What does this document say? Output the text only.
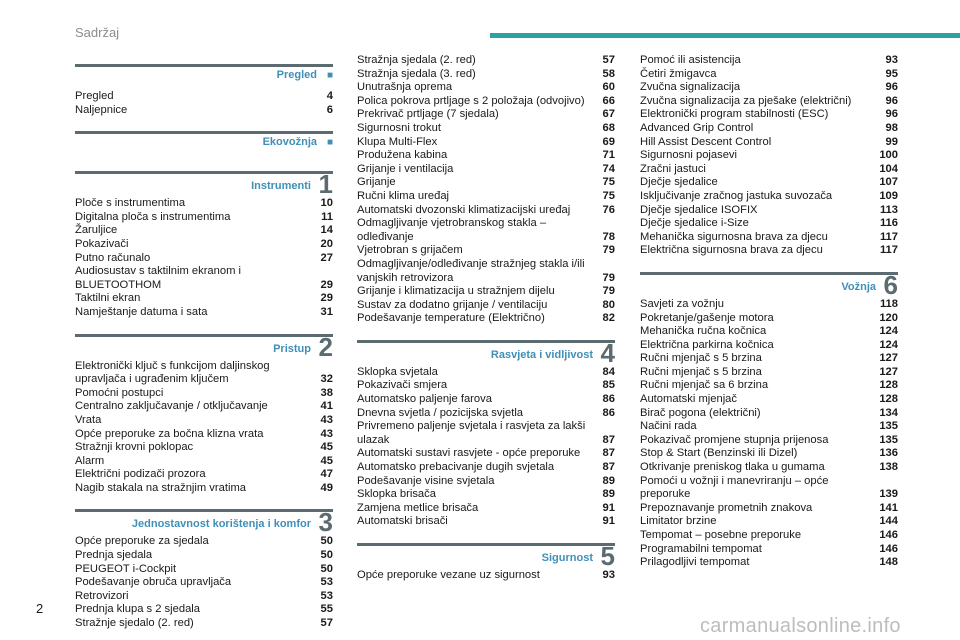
Sadržaj
Pregled ■
Pregled	4
Naljepnice	6
Ekovožnja ■
Instrumenti 1
Ploče s instrumentima	10
Digitalna ploča s instrumentima	11
Žaruljice	14
Pokazivači	20
Putno računalo	27
Audiosustav s taktilnim ekranom i BLUETOOTHOM	29
Taktilni ekran	29
Namještanje datuma i sata	31
Pristup 2
Elektronički ključ s funkcijom daljinskog upravljača i ugrađenim ključem	32
Pomoćni postupci	38
Centralno zaključavanje / otključavanje	41
Vrata	43
Opće preporuke za bočna klizna vrata	43
Stražnji krovni poklopac	45
Alarm	45
Električni podizači prozora	47
Nagib stakala na stražnjim vratima	49
Jednostavnost korištenja i komfor 3
Opće preporuke za sjedala	50
Prednja sjedala	50
PEUGEOT i-Cockpit	50
Podešavanje obruča upravljača	53
Retrovizori	53
Prednja klupa s 2 sjedala	55
Stražnje sjedalo (2. red)	57
Stražnja sjedala (2. red)	57
Stražnja sjedala (3. red)	58
Unutrašnja oprema	60
Polica pokrova prtljage s 2 položaja (odvojivo)	66
Prekrivač prtljage (7 sjedala)	67
Sigurnosni trokut	68
Klupa Multi-Flex	69
Produžena kabina	71
Grijanje i ventilacija	74
Grijanje	75
Ručni klima uređaj	75
Automatski dvozonski klimatizacijski uređaj	76
Odmagljivanje vjetrobranskog stakla – odleđivanje	78
Vjetrobran s grijačem	79
Odmagljivanje/odleđivanje stražnjeg stakla i/ili vanjskih retrovizora	79
Grijanje i klimatizacija u stražnjem dijelu	79
Sustav za dodatno grijanje / ventilaciju	80
Podešavanje temperature (Električno)	82
Rasvjeta i vidljivost 4
Sklopka svjetala	84
Pokazivači smjera	85
Automatsko paljenje farova	86
Dnevna svjetla / pozicijska svjetla	86
Privremeno paljenje svjetala i rasvjeta za lakši ulazak	87
Automatski sustavi rasvjete - opće preporuke	87
Automatsko prebacivanje dugih svjetala	87
Podešavanje visine svjetala	89
Sklopka brisača	89
Zamjena metlice brisača	91
Automatski brisači	91
Sigurnost 5
Opće preporuke vezane uz sigurnost	93
Pomoć ili asistencija	93
Četiri žmigavca	95
Zvučna signalizacija	96
Zvučna signalizacija za pješake (električni)	96
Elektronički program stabilnosti (ESC)	96
Advanced Grip Control	98
Hill Assist Descent Control	99
Sigurnosni pojasevi	100
Zračni jastuci	104
Dječje sjedalice	107
Isključivanje zračnog jastuka suvozača	109
Dječje sjedalice ISOFIX	113
Dječje sjedalice i-Size	116
Mehanička sigurnosna brava za djecu	117
Električna sigurnosna brava za djecu	117
Vožnja 6
Savjeti za vožnju	118
Pokretanje/gašenje motora	120
Mehanička ručna kočnica	124
Električna parkirna kočnica	124
Ručni mjenjač s 5 brzina	127
Ručni mjenjač s 5 brzina	127
Ručni mjenjač sa 6 brzina	128
Automatski mjenjač	128
Birač pogona (električni)	134
Načini rada	135
Pokazivač promjene stupnja prijenosa	135
Stop & Start (Benzinski ili Dizel)	136
Otkrivanje preniskog tlaka u gumama	138
Pomoći u vožnji i manevriranju – opće preporuke	139
Prepoznavanje prometnih znakova	141
Limitator brzine	144
Tempomat – posebne preporuke	146
Programabilni tempomat	146
Prilagodljivi tempomat	148
2
carmanualsonline.info
